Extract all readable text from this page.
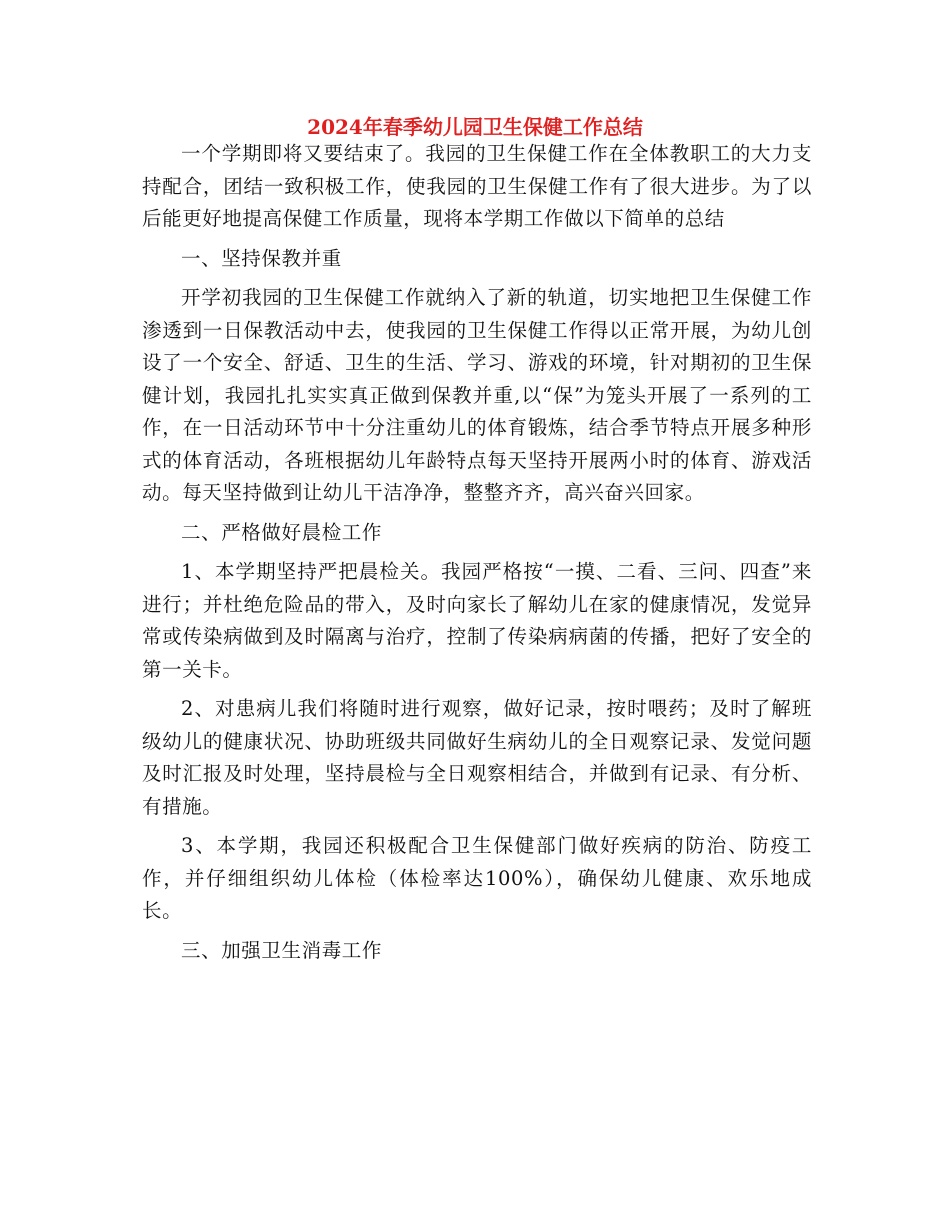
2024年春季幼儿园卫生保健工作总结

一个学期即将又要结束了。我园的卫生保健工作在全体教职工的大力支持配合，团结一致积极工作，使我园的卫生保健工作有了很大进步。为了以后能更好地提高保健工作质量，现将本学期工作做以下简单的总结

一、坚持保教并重

开学初我园的卫生保健工作就纳入了新的轨道，切实地把卫生保健工作渗透到一日保教活动中去，使我园的卫生保健工作得以正常开展，为幼儿创设了一个安全、舒适、卫生的生活、学习、游戏的环境，针对期初的卫生保健计划，我园扎扎实实真正做到保教并重,以“保”为笼头开展了一系列的工作，在一日活动环节中十分注重幼儿的体育锻炼，结合季节特点开展多种形式的体育活动，各班根据幼儿年龄特点每天坚持开展两小时的体育、游戏活动。每天坚持做到让幼儿干洁净净，整整齐齐，高兴奋兴回家。

二、严格做好晨检工作

1、本学期坚持严把晨检关。我园严格按“一摸、二看、三问、四查”来进行；并杜绝危险品的带入，及时向家长了解幼儿在家的健康情况，发觉异常或传染病做到及时隔离与治疗，控制了传染病病菌的传播，把好了安全的第一关卡。

2、对患病儿我们将随时进行观察，做好记录，按时喂药；及时了解班级幼儿的健康状况、协助班级共同做好生病幼儿的全日观察记录、发觉问题及时汇报及时处理，坚持晨检与全日观察相结合，并做到有记录、有分析、有措施。

3、本学期，我园还积极配合卫生保健部门做好疾病的防治、防疫工作，并仔细组织幼儿体检（体检率达100%），确保幼儿健康、欢乐地成长。

三、加强卫生消毒工作
